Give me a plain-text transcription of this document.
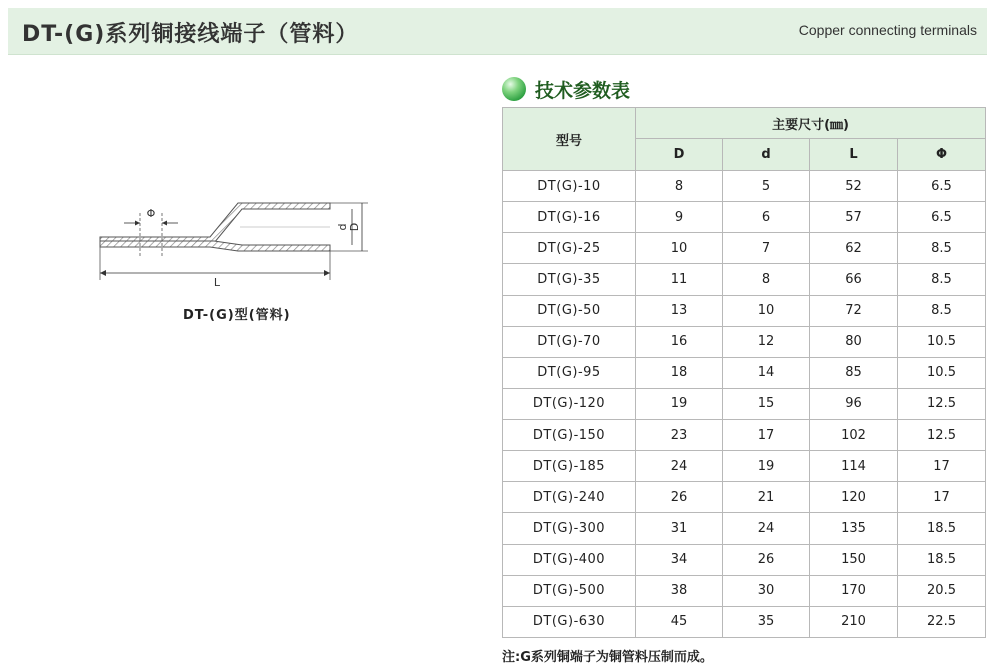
DT-(G)系列铜接线端子（管料）	Copper connecting terminals
Φ
d D
L
DT-(G)型(管料)
技术参数表
型号	主要尺寸(㎜)			
	D	d	L	Φ
DT(G)-10	8	5	52	6.5
DT(G)-16	9	6	57	6.5
DT(G)-25	10	7	62	8.5
DT(G)-35	11	8	66	8.5
DT(G)-50	13	10	72	8.5
DT(G)-70	16	12	80	10.5
DT(G)-95	18	14	85	10.5
DT(G)-120	19	15	96	12.5
DT(G)-150	23	17	102	12.5
DT(G)-185	24	19	114	17
DT(G)-240	26	21	120	17
DT(G)-300	31	24	135	18.5
DT(G)-400	34	26	150	18.5
DT(G)-500	38	30	170	20.5
DT(G)-630	45	35	210	22.5
注:G系列铜端子为铜管料压制而成。
